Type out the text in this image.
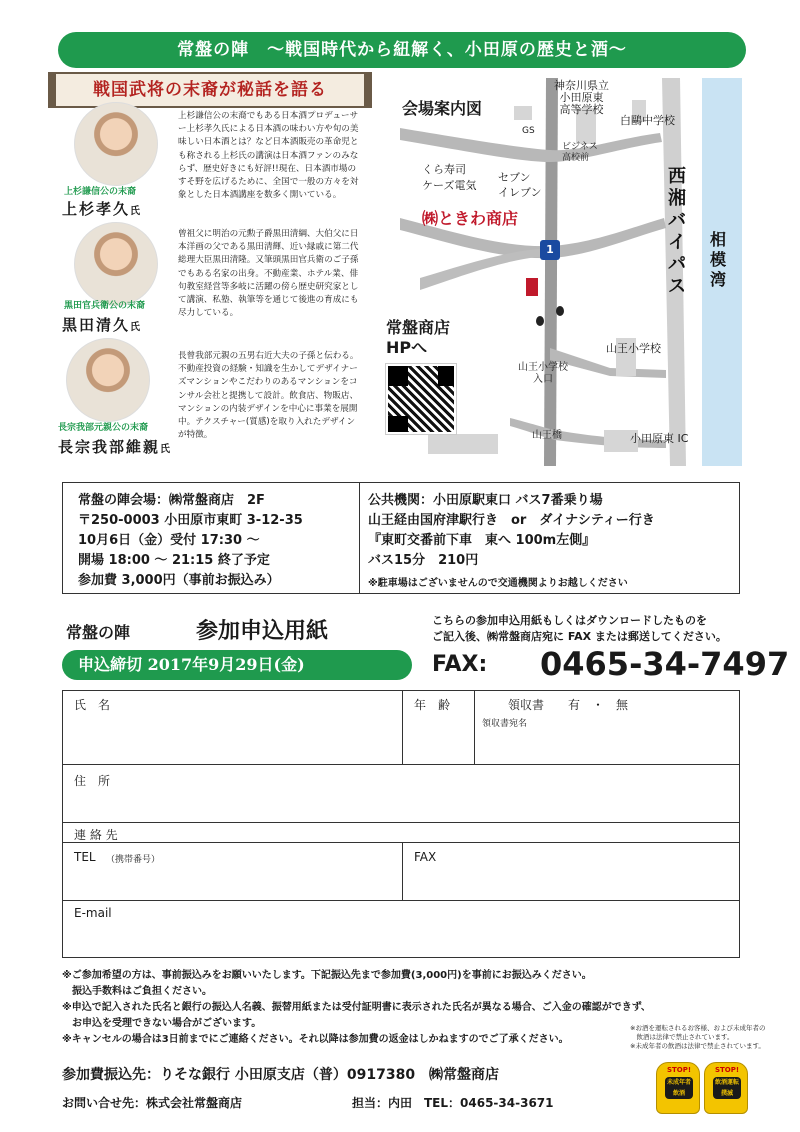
常盤の陣　～戦国時代から紐解く、小田原の歴史と酒～
戦国武将の末裔が秘話を語る
上杉謙信公の末裔
上杉孝久氏
上杉謙信公の末裔でもある日本酒プロデューサー上杉孝久氏による日本酒の味わい方や旬の美味しい日本酒とは？など日本酒販売の革命児とも称される上杉氏の講演は日本酒ファンのみならず、歴史好きにも好評!!現在、日本酒市場のすそ野を広げるために、全国で一般の方々を対象とした日本酒講座を数多く開いている。
黒田官兵衛公の末裔
黒田清久氏
曾祖父に明治の元勲子爵黒田清綱、大伯父に日本洋画の父である黒田清輝、近い縁戚に第二代総理大臣黒田清隆。又筆頭黒田官兵衛のご子孫でもある名家の出身。不動産業、ホテル業、俳句教室経営等多岐に活躍の傍ら歴史研究家として講演、私塾、執筆等を通じて後進の育成にも尽力している。
長宗我部元親公の末裔
長宗我部維親氏
長曾我部元親の五男右近大夫の子孫と伝わる。不動産投資の経験・知識を生かしてデザイナーズマンションやこだわりのあるマンションをコンサル会社と提携して設計。飲食店、物販店、マンションの内装デザインを中心に事業を展開中。テクスチャー(質感)を取り入れたデザインが特徴。
会場案内図
神奈川県立
小田原東
高等学校
白鷗中学校
GS
ビジネス
高校前
くら寿司
ケーズ電気
セブン
イレブン
㈱ときわ商店
1
西湘バイパス
相模湾
常盤商店
HPへ	山王小学校
山王小学校
入口
山王橋	小田原東 IC
常盤の陣会場：㈱常盤商店　2F
〒250-0003 小田原市東町 3-12-35
10月6日（金）受付 17:30 ～
開場 18:00 ～ 21:15 終了予定
参加費 3,000円（事前お振込み）
公共機関：小田原駅東口 バス7番乗り場
山王経由国府津駅行き　or　ダイナシティー行き
『東町交番前下車　東へ 100m左側』
バス15分　210円
※駐車場はございませんので交通機関よりお越しください
常盤の陣	参加申込用紙
申込締切 2017年9月29日(金)
こちらの参加申込用紙もしくはダウンロードしたものを
ご記入後、㈱常盤商店宛に FAX または郵送してください。
FAX: 0465-34-7497
氏　名	年　齢	領収書　　有　・　無
領収書宛名
住　所
連 絡 先
TEL （携帯番号）	FAX
E-mail
※ご参加希望の方は、事前振込みをお願いいたします。下記振込先まで参加費(3,000円)を事前にお振込みください。
　振込手数料はご負担ください。
※申込で記入された氏名と銀行の振込人名義、振替用紙または受付証明書に表示された氏名が異なる場合、ご入金の確認ができず、
　お申込を受理できない場合がございます。
※キャンセルの場合は3日前までにご連絡ください。それ以降は参加費の返金はしかねますのでご了承ください。
※お酒を運転されるお客様、および未成年者の
　飲酒は法律で禁止されています。
※未成年者の飲酒は法律で禁止されています。
STOP!
未成年者
飲酒
STOP!
飲酒運転
撲滅
参加費振込先：りそな銀行 小田原支店（普）0917380　㈱常盤商店
お問い合せ先：株式会社常盤商店	担当：内田　TEL：0465-34-3671
